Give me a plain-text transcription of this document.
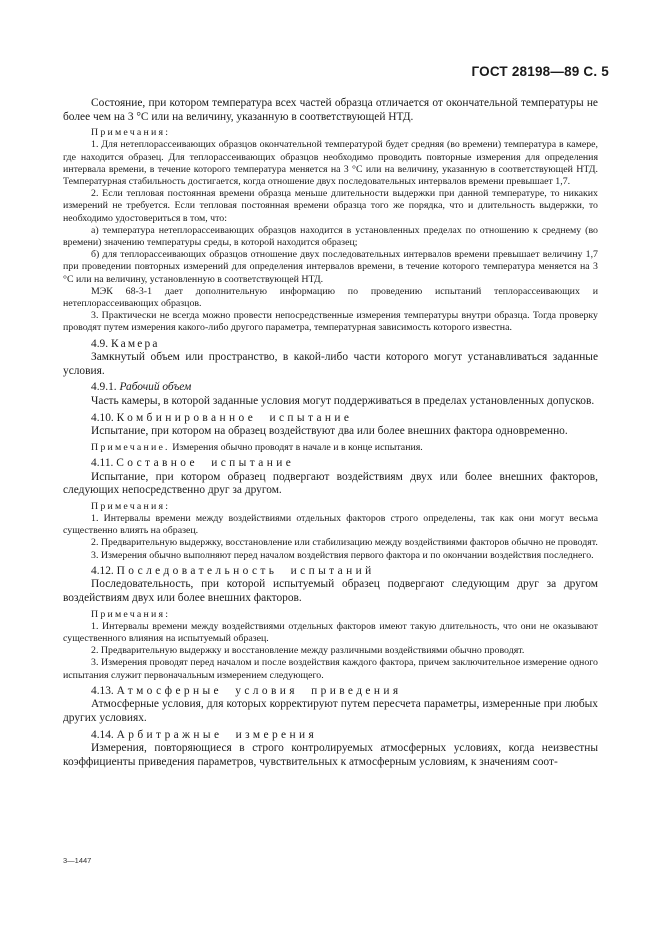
ГОСТ 28198—89 С. 5

Состояние, при котором температура всех частей образца отличается от окончательной температуры не более чем на 3 °С или на величину, указанную в соответствующей НТД.

Примечания:

1. Для нетеплорассеивающих образцов окончательной температурой будет средняя (во времени) температура в камере, где находится образец. Для теплорассеивающих образцов необходимо проводить повторные измерения для определения интервала времени, в течение которого температура меняется на 3 °С или на величину, указанную в соответствующей НТД. Температурная стабильность достигается, когда отношение двух последовательных интервалов времени превышает 1,7.

2. Если тепловая постоянная времени образца меньше длительности выдержки при данной температуре, то никаких измерений не требуется. Если тепловая постоянная времени образца того же порядка, что и длительность выдержки, то необходимо удостовериться в том, что:

а) температура нетеплорассеивающих образцов находится в установленных пределах по отношению к среднему (во времени) значению температуры среды, в которой находится образец;

б) для теплорассеивающих образцов отношение двух последовательных интервалов времени превышает величину 1,7 при проведении повторных измерений для определения интервалов времени, в течение которого температура меняется на 3 °С или на величину, установленную в соответствующей НТД.

МЭК 68-3-1 дает дополнительную информацию по проведению испытаний теплорассеивающих и нетеплорассеивающих образцов.

3. Практически не всегда можно провести непосредственные измерения температуры внутри образца. Тогда проверку проводят путем измерения какого-либо другого параметра, температурная зависимость которого известна.

4.9. Камера

Замкнутый объем или пространство, в какой-либо части которого могут устанавливаться заданные условия.

4.9.1. Рабочий объем

Часть камеры, в которой заданные условия могут поддерживаться в пределах установленных допусков.

4.10. Комбинированное испытание

Испытание, при котором на образец воздействуют два или более внешних фактора одновременно.

Примечание. Измерения обычно проводят в начале и в конце испытания.

4.11. Составное испытание

Испытание, при котором образец подвергают воздействиям двух или более внешних факторов, следующих непосредственно друг за другом.

Примечания:

1. Интервалы времени между воздействиями отдельных факторов строго определены, так как они могут весьма существенно влиять на образец.

2. Предварительную выдержку, восстановление или стабилизацию между воздействиями факторов обычно не проводят.

3. Измерения обычно выполняют перед началом воздействия первого фактора и по окончании воздействия последнего.

4.12. Последовательность испытаний

Последовательность, при которой испытуемый образец подвергают следующим друг за другом воздействиям двух или более внешних факторов.

Примечания:

1. Интервалы времени между воздействиями отдельных факторов имеют такую длительность, что они не оказывают существенного влияния на испытуемый образец.

2. Предварительную выдержку и восстановление между различными воздействиями обычно проводят.

3. Измерения проводят перед началом и после воздействия каждого фактора, причем заключительное измерение одного испытания служит первоначальным измерением следующего.

4.13. Атмосферные условия приведения

Атмосферные условия, для которых корректируют путем пересчета параметры, измеренные при любых других условиях.

4.14. Арбитражные измерения

Измерения, повторяющиеся в строго контролируемых атмосферных условиях, когда неизвестны коэффициенты приведения параметров, чувствительных к атмосферным условиям, к значениям соот-

3—1447
